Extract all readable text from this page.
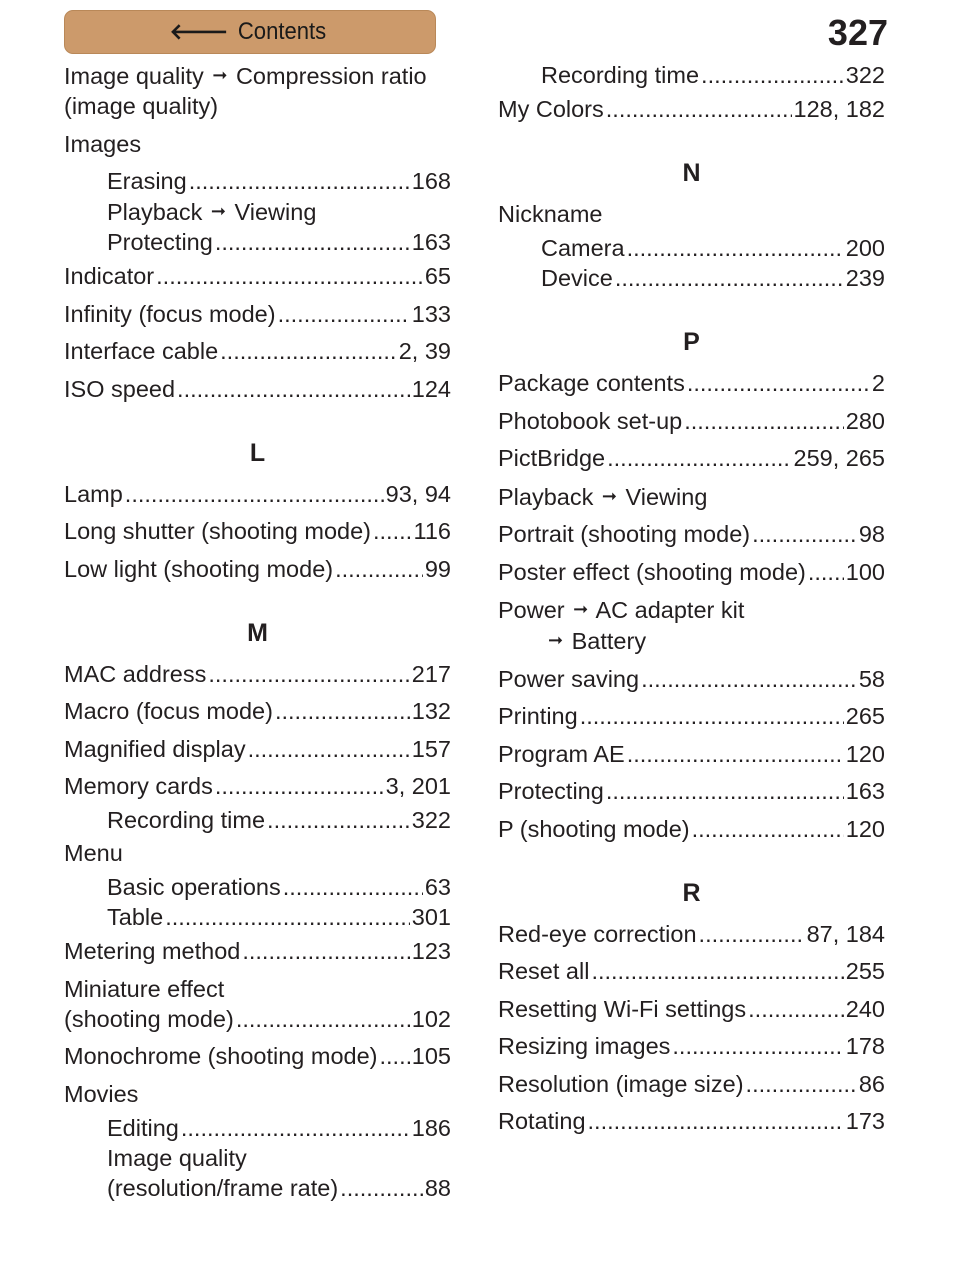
🡐 Contents	327
Image quality ➞ Compression ratio
(image quality)
Images
Erasing .....	168
Playback ➞ Viewing
Protecting .....	163
Indicator .....	65
Infinity (focus mode) .....	133
Interface cable .....	2, 39
ISO speed .....	124
L
Lamp .....	93, 94
Long shutter (shooting mode) ..... 116
Low light (shooting mode) .....	99
M
MAC address .....	217
Macro (focus mode) .....	132
Magnified display .....	157
Memory cards .....	3, 201
Recording time .....	322
Menu
Basic operations .....	63
Table .....	301
Metering method .....	123
Miniature effect
(shooting mode) .....	102
Monochrome (shooting mode) ..... 105
Movies
Editing .....	186
Image quality
(resolution/frame rate) .....	88
Recording time .....	322
My Colors .....	128, 182
N
Nickname
Camera .....	200
Device .....	239
P
Package contents .....	2
Photobook set-up .....	280
PictBridge .....	259, 265
Playback ➞ Viewing
Portrait (shooting mode) .....	98
Poster effect (shooting mode) ..... 100
Power ➞ AC adapter kit
➞ Battery
Power saving .....	58
Printing .....	265
Program AE .....	120
Protecting .....	163
P (shooting mode) .....	120
R
Red-eye correction .....	87, 184
Reset all .....	255
Resetting Wi-Fi settings .....	240
Resizing images .....	178
Resolution (image size) .....	86
Rotating .....	173
